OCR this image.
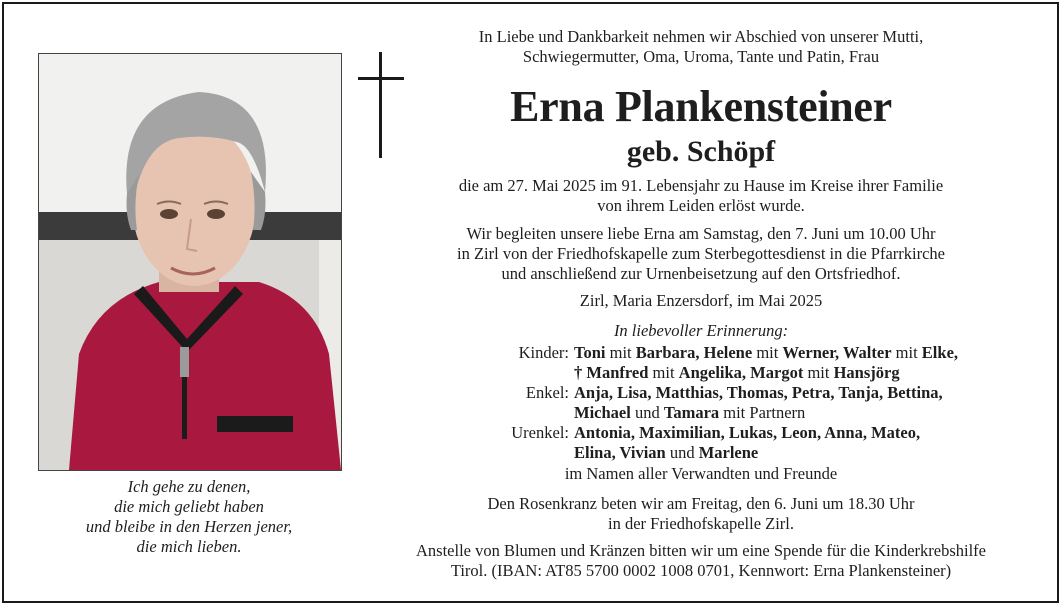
In Liebe und Dankbarkeit nehmen wir Abschied von unserer Mutti,
Schwiegermutter, Oma, Uroma, Tante und Patin, Frau
Erna Plankensteiner
geb. Schöpf
die am 27. Mai 2025 im 91. Lebensjahr zu Hause im Kreise ihrer Familie
von ihrem Leiden erlöst wurde.
Wir begleiten unsere liebe Erna am Samstag, den 7. Juni um 10.00 Uhr
in Zirl von der Friedhofskapelle zum Sterbegottesdienst in die Pfarrkirche
und anschließend zur Urnenbeisetzung auf den Ortsfriedhof.
Zirl, Maria Enzersdorf, im Mai 2025
In liebevoller Erinnerung:
Kinder: Toni mit Barbara, Helene mit Werner, Walter mit Elke,
† Manfred mit Angelika, Margot mit Hansjörg
Enkel: Anja, Lisa, Matthias, Thomas, Petra, Tanja, Bettina,
Michael und Tamara mit Partnern
Urenkel: Antonia, Maximilian, Lukas, Leon, Anna, Mateo,
Elina, Vivian und Marlene
im Namen aller Verwandten und Freunde
Den Rosenkranz beten wir am Freitag, den 6. Juni um 18.30 Uhr
in der Friedhofskapelle Zirl.
Anstelle von Blumen und Kränzen bitten wir um eine Spende für die Kinderkrebshilfe
Tirol. (IBAN: AT85 5700 0002 1008 0701, Kennwort: Erna Plankensteiner)
Ich gehe zu denen,
die mich geliebt haben
und bleibe in den Herzen jener,
die mich lieben.
